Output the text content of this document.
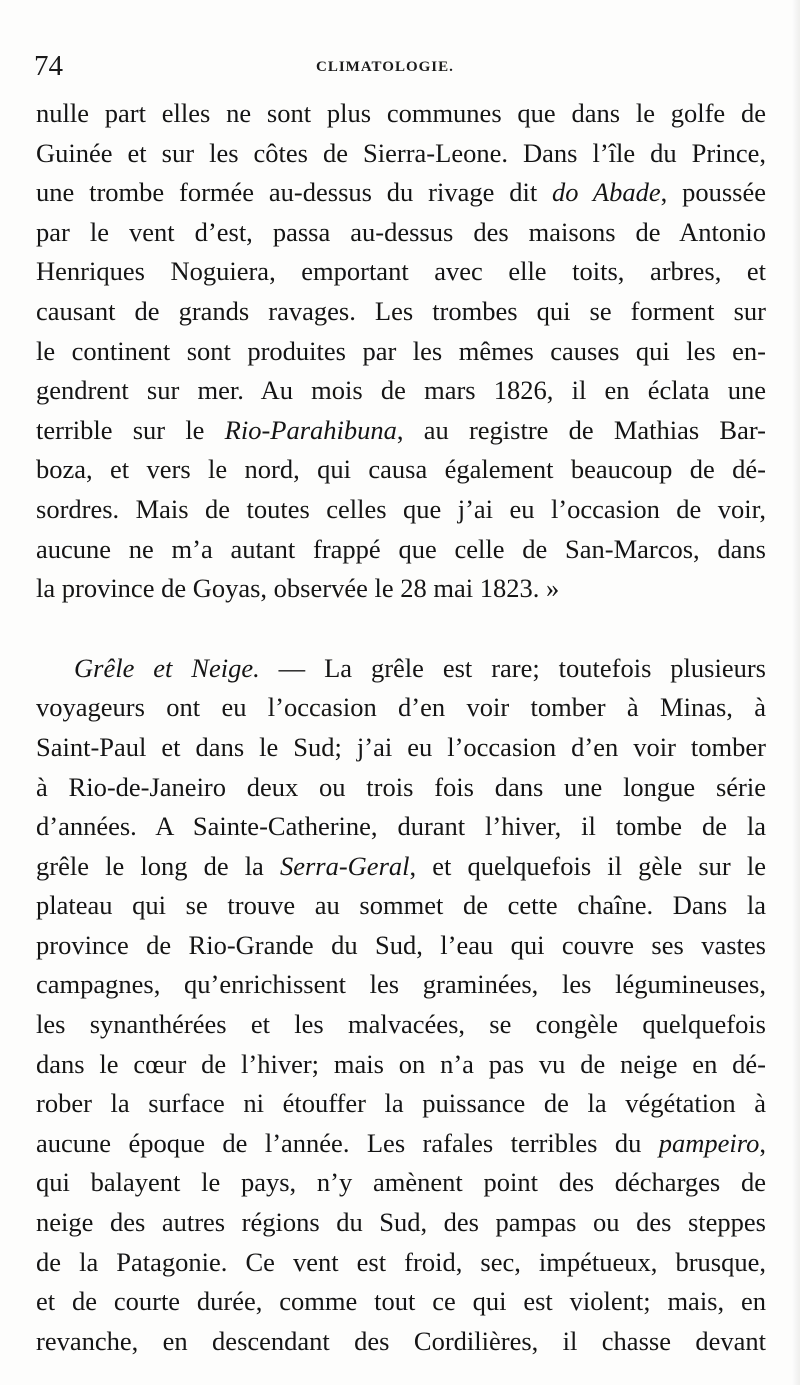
74	CLIMATOLOGIE.
nulle part elles ne sont plus communes que dans le golfe de
Guinée et sur les côtes de Sierra-Leone. Dans l’île du Prince,
une trombe formée au-dessus du rivage dit do Abade, poussée
par le vent d’est, passa au-dessus des maisons de Antonio
Henriques Noguiera, emportant avec elle toits, arbres, et
causant de grands ravages. Les trombes qui se forment sur
le continent sont produites par les mêmes causes qui les en-
gendrent sur mer. Au mois de mars 1826, il en éclata une
terrible sur le Rio-Parahibuna, au registre de Mathias Bar-
boza, et vers le nord, qui causa également beaucoup de dé-
sordres. Mais de toutes celles que j’ai eu l’occasion de voir,
aucune ne m’a autant frappé que celle de San-Marcos, dans
la province de Goyas, observée le 28 mai 1823. »
Grêle et Neige. — La grêle est rare; toutefois plusieurs
voyageurs ont eu l’occasion d’en voir tomber à Minas, à
Saint-Paul et dans le Sud; j’ai eu l’occasion d’en voir tomber
à Rio-de-Janeiro deux ou trois fois dans une longue série
d’années. A Sainte-Catherine, durant l’hiver, il tombe de la
grêle le long de la Serra-Geral, et quelquefois il gèle sur le
plateau qui se trouve au sommet de cette chaîne. Dans la
province de Rio-Grande du Sud, l’eau qui couvre ses vastes
campagnes, qu’enrichissent les graminées, les légumineuses,
les synanthérées et les malvacées, se congèle quelquefois
dans le cœur de l’hiver; mais on n’a pas vu de neige en dé-
rober la surface ni étouffer la puissance de la végétation à
aucune époque de l’année. Les rafales terribles du pampeiro,
qui balayent le pays, n’y amènent point des décharges de
neige des autres régions du Sud, des pampas ou des steppes
de la Patagonie. Ce vent est froid, sec, impétueux, brusque,
et de courte durée, comme tout ce qui est violent; mais, en
revanche, en descendant des Cordilières, il chasse devant
